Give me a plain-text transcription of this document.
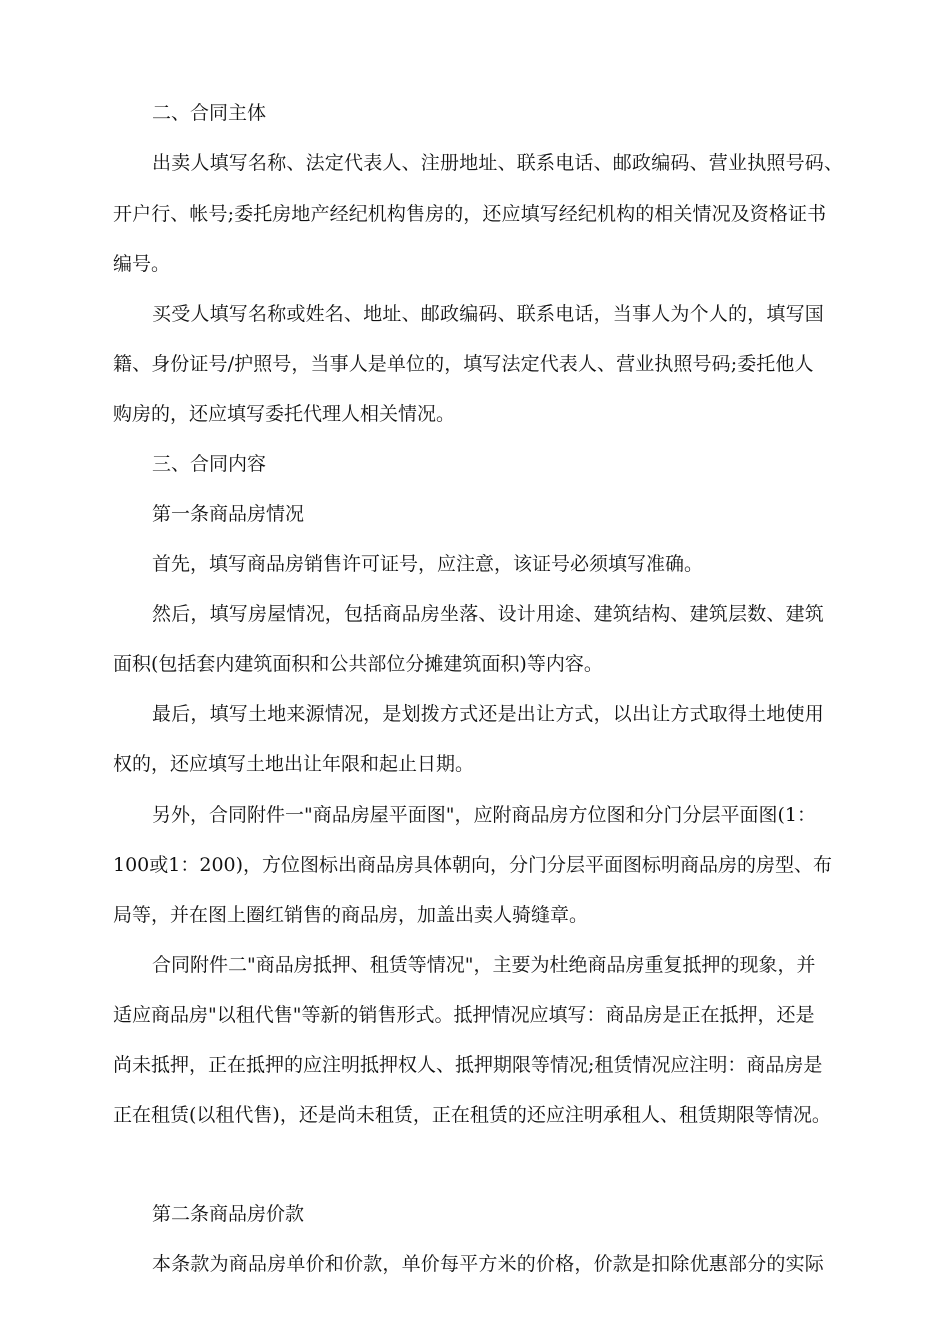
二、合同主体
出卖人填写名称、法定代表人、注册地址、联系电话、邮政编码、营业执照号码、
开户行、帐号;委托房地产经纪机构售房的，还应填写经纪机构的相关情况及资格证书
编号。
买受人填写名称或姓名、地址、邮政编码、联系电话，当事人为个人的，填写国
籍、身份证号/护照号，当事人是单位的，填写法定代表人、营业执照号码;委托他人
购房的，还应填写委托代理人相关情况。
三、合同内容
第一条商品房情况
首先，填写商品房销售许可证号，应注意，该证号必须填写准确。
然后，填写房屋情况，包括商品房坐落、设计用途、建筑结构、建筑层数、建筑
面积(包括套内建筑面积和公共部位分摊建筑面积)等内容。
最后，填写土地来源情况，是划拨方式还是出让方式，以出让方式取得土地使用
权的，还应填写土地出让年限和起止日期。
另外，合同附件一"商品房屋平面图"，应附商品房方位图和分门分层平面图(1：
100或1：200)，方位图标出商品房具体朝向，分门分层平面图标明商品房的房型、布
局等，并在图上圈红销售的商品房，加盖出卖人骑缝章。
合同附件二"商品房抵押、租赁等情况"，主要为杜绝商品房重复抵押的现象，并
适应商品房"以租代售"等新的销售形式。抵押情况应填写：商品房是正在抵押，还是
尚未抵押，正在抵押的应注明抵押权人、抵押期限等情况;租赁情况应注明：商品房是
正在租赁(以租代售)，还是尚未租赁，正在租赁的还应注明承租人、租赁期限等情况。
第二条商品房价款
本条款为商品房单价和价款，单价每平方米的价格，价款是扣除优惠部分的实际
